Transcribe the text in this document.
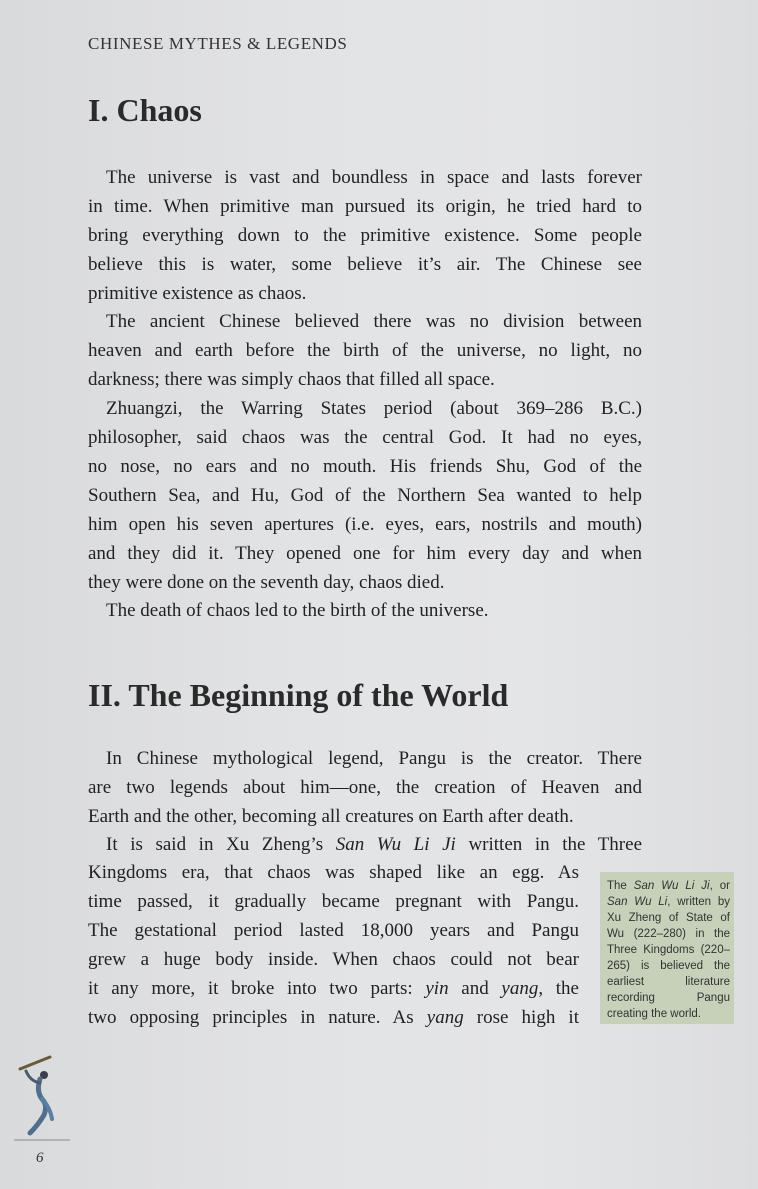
CHINESE MYTHES & LEGENDS
I. Chaos

The universe is vast and boundless in space and lasts forever
in time. When primitive man pursued its origin, he tried hard to
bring everything down to the primitive existence. Some people
believe this is water, some believe it’s air. The Chinese see
primitive existence as chaos.

The ancient Chinese believed there was no division between
heaven and earth before the birth of the universe, no light, no
darkness; there was simply chaos that filled all space.

Zhuangzi, the Warring States period (about 369–286 B.C.)
philosopher, said chaos was the central God. It had no eyes,
no nose, no ears and no mouth. His friends Shu, God of the
Southern Sea, and Hu, God of the Northern Sea wanted to help
him open his seven apertures (i.e. eyes, ears, nostrils and mouth)
and they did it. They opened one for him every day and when
they were done on the seventh day, chaos died.

The death of chaos led to the birth of the universe.

II. The Beginning of the World

In Chinese mythological legend, Pangu is the creator. There
are two legends about him—one, the creation of Heaven and
Earth and the other, becoming all creatures on Earth after death.

It is said in Xu Zheng’s San Wu Li Ji written in the Three

Kingdoms era, that chaos was shaped like an egg. As
time passed, it gradually became pregnant with Pangu.
The gestational period lasted 18,000 years and Pangu
grew a huge body inside. When chaos could not bear
it any more, it broke into two parts: yin and yang, the
two opposing principles in nature. As yang rose high it

The San Wu Li Ji, or San Wu Li, written by Xu Zheng of State of Wu (222–280) in the Three Kingdoms (220–265) is believed the earliest literature recording Pangu creating the world.
6
